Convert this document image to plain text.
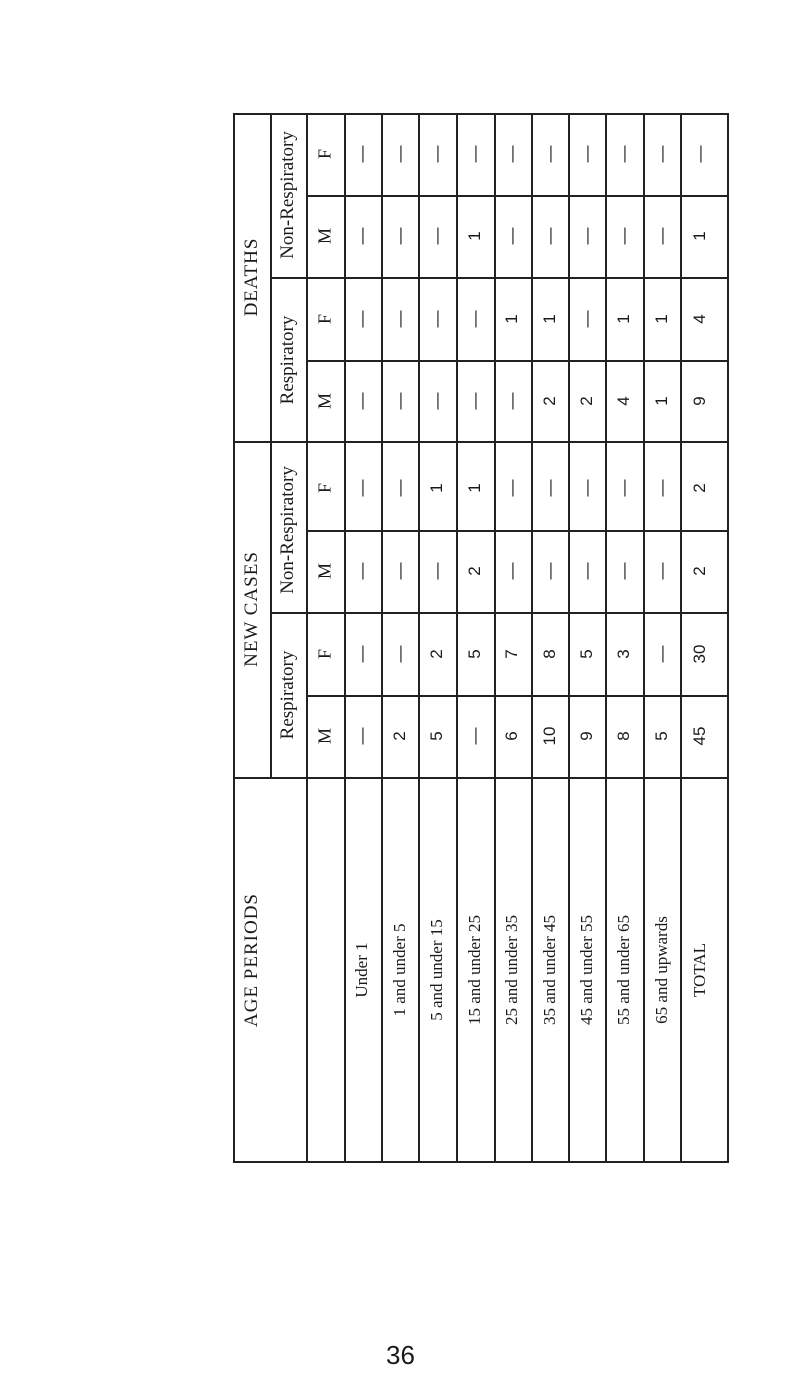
DEATHS
NEW CASES
AGE PERIODS
Non-Respiratory
Respiratory
Non-Respiratory
Respiratory
F
M
F
M
F
M
F
M
Under 1
—
—
—
—
—
—
—
—
1 and under 5
2
—
—
—
—
—
—
—
5 and under 15
5
2
—
1
—
—
—
—
15 and under 25
—
5
2
1
—
—
1
—
25 and under 35
6
7
—
—
—
1
—
—
35 and under 45
10
8
—
—
2
1
—
—
45 and under 55
9
5
—
—
2
—
—
—
55 and under 65
8
3
—
—
4
1
—
—
65 and upwards
5
—
—
—
1
1
—
—
TOTAL
45
30
2
2
9
4
1
—
36
